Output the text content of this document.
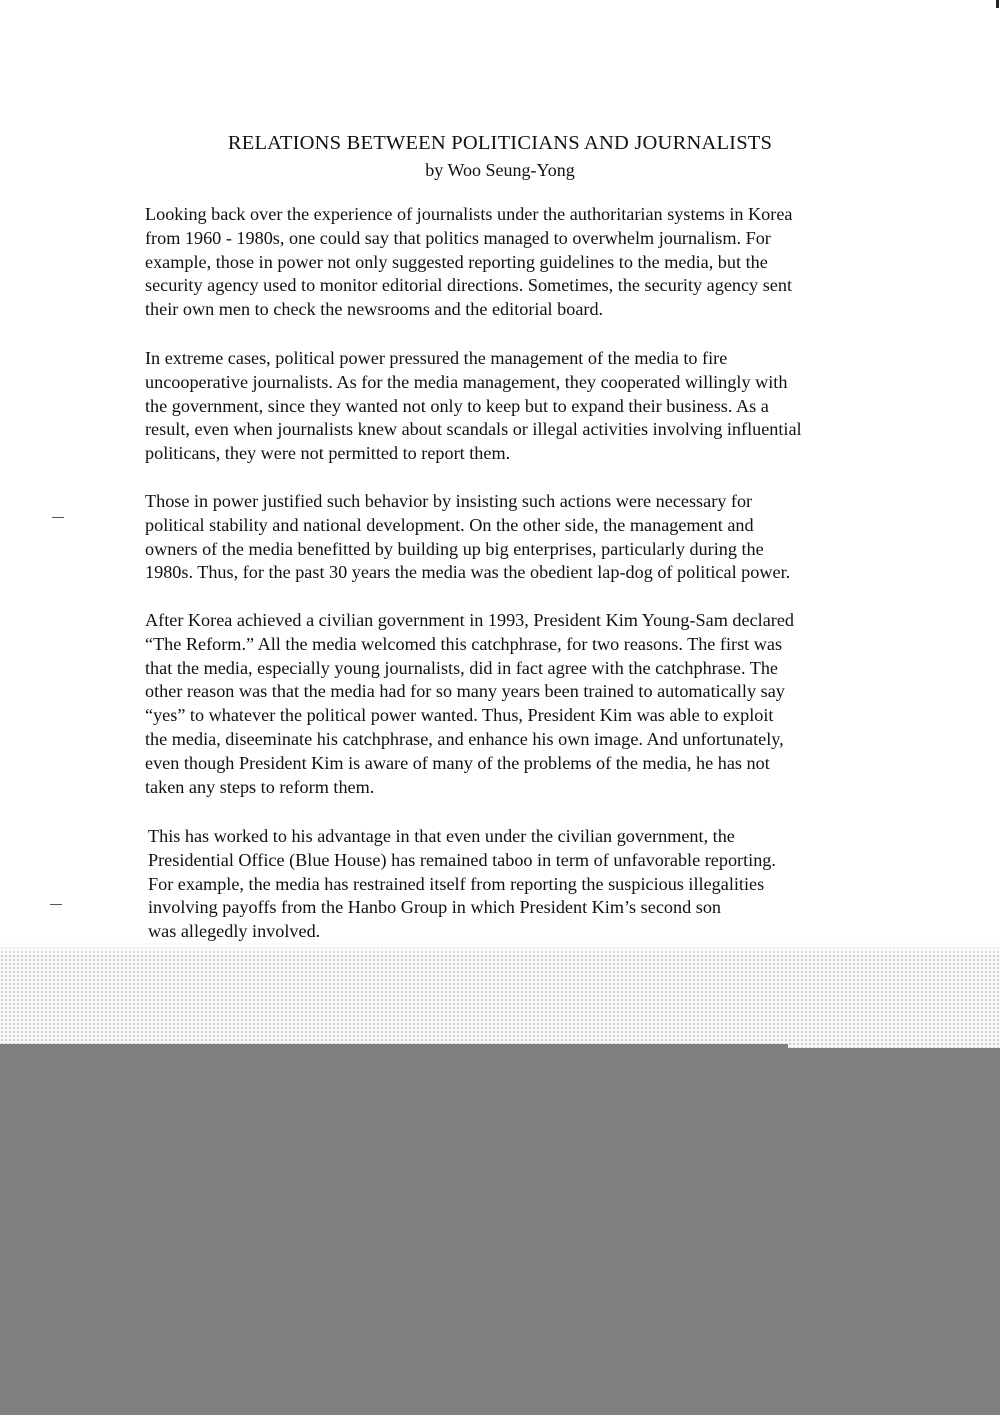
RELATIONS BETWEEN POLITICIANS AND JOURNALISTS
by Woo Seung-Yong
Looking back over the experience of journalists under the authoritarian systems in Korea
from 1960 - 1980s, one could say that politics managed to overwhelm journalism. For
example, those in power not only suggested reporting guidelines to the media, but the
security agency used to monitor editorial directions. Sometimes, the security agency sent
their own men to check the newsrooms and the editorial board.
In extreme cases, political power pressured the management of the media to fire
uncooperative journalists. As for the media management, they cooperated willingly with
the government, since they wanted not only to keep but to expand their business. As a
result, even when journalists knew about scandals or illegal activities involving influential
politicans, they were not permitted to report them.
Those in power justified such behavior by insisting such actions were necessary for
political stability and national development. On the other side, the management and
owners of the media benefitted by building up big enterprises, particularly during the
1980s. Thus, for the past 30 years the media was the obedient lap-dog of political power.
After Korea achieved a civilian government in 1993, President Kim Young-Sam declared
“The Reform.” All the media welcomed this catchphrase, for two reasons. The first was
that the media, especially young journalists, did in fact agree with the catchphrase. The
other reason was that the media had for so many years been trained to automatically say
“yes” to whatever the political power wanted. Thus, President Kim was able to exploit
the media, diseeminate his catchphrase, and enhance his own image. And unfortunately,
even though President Kim is aware of many of the problems of the media, he has not
taken any steps to reform them.
This has worked to his advantage in that even under the civilian government, the
Presidential Office (Blue House) has remained taboo in term of unfavorable reporting.
For example, the media has restrained itself from reporting the suspicious illegalities
involving payoffs from the Hanbo Group in which President Kim’s second son
was allegedly involved.
